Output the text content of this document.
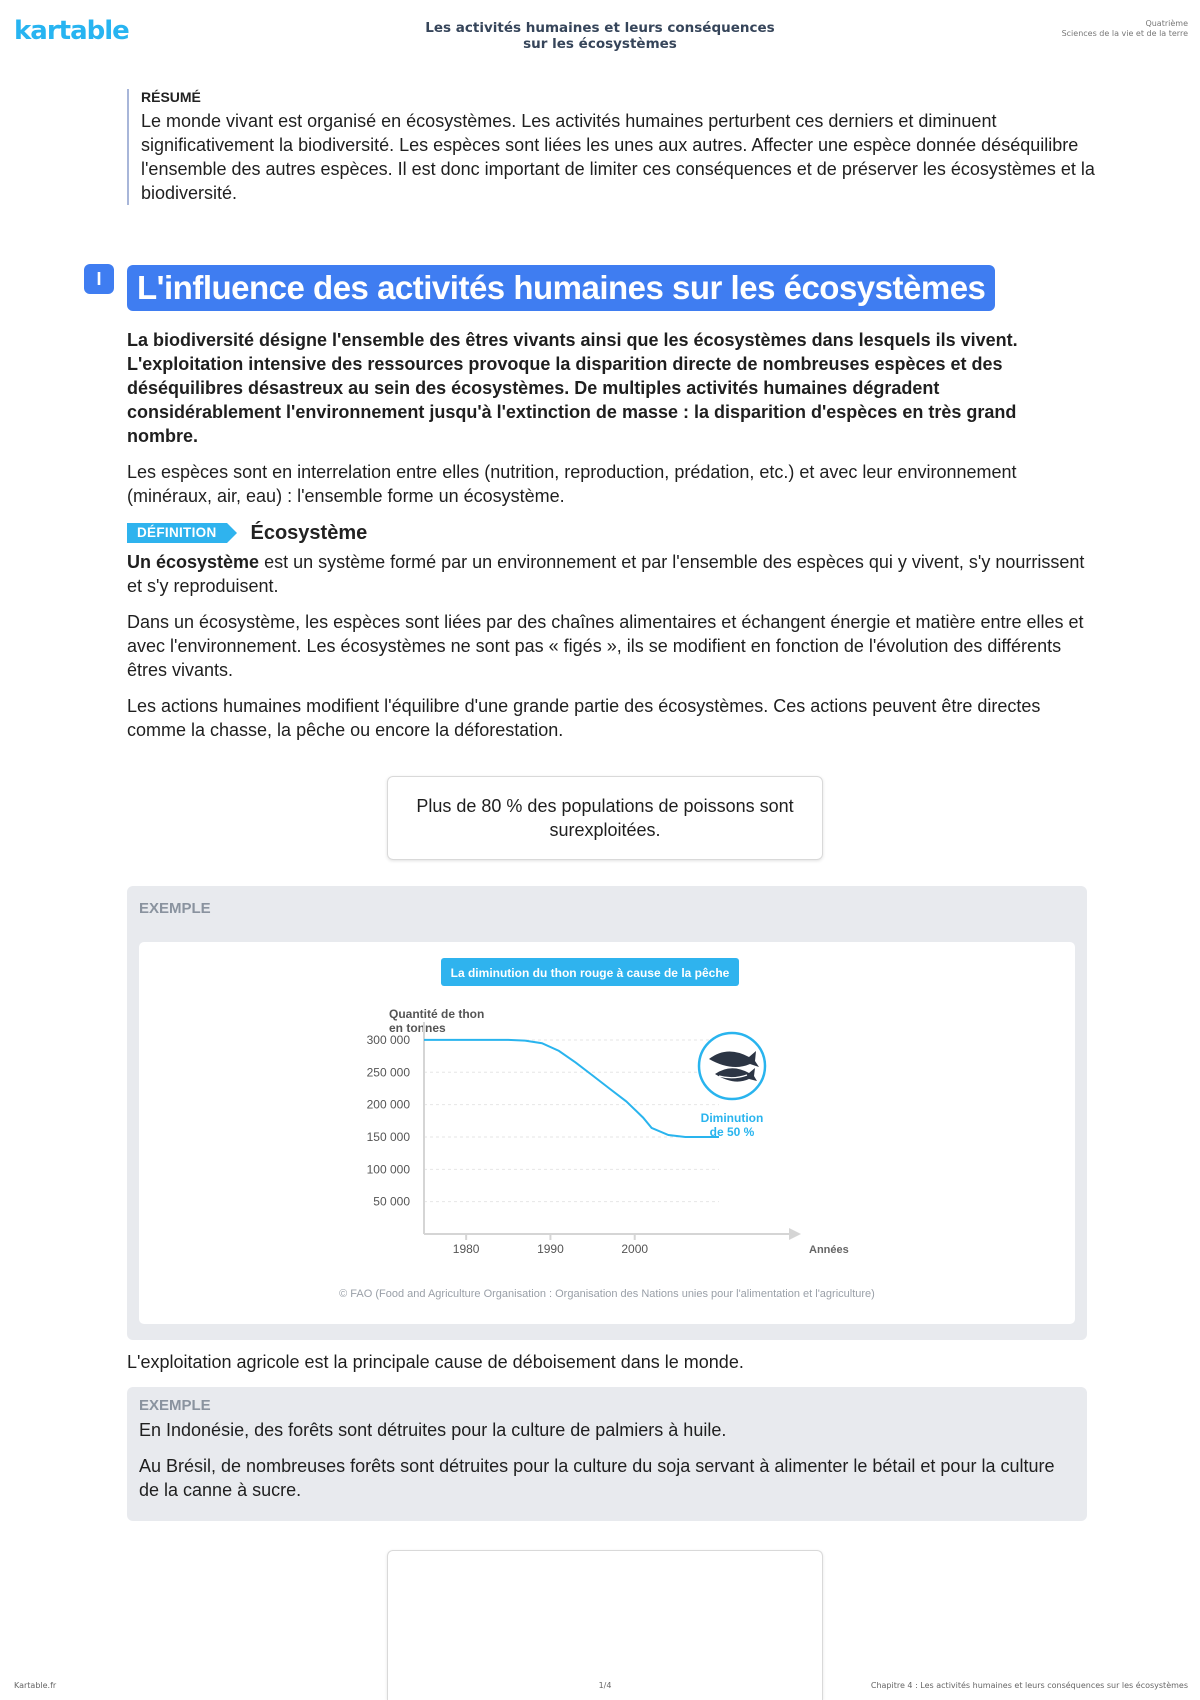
kartable	Les activités humaines et leurs conséquences
sur les écosystèmes
Quatrième
Sciences de la vie et de la terre
RÉSUMÉ
Le monde vivant est organisé en écosystèmes. Les activités humaines perturbent ces derniers et diminuent significativement la biodiversité. Les espèces sont liées les unes aux autres. Affecter une espèce donnée déséquilibre l'ensemble des autres espèces. Il est donc important de limiter ces conséquences et de préserver les écosystèmes et la biodiversité.
I	L'influence des activités humaines sur les écosystèmes

La biodiversité désigne l'ensemble des êtres vivants ainsi que les écosystèmes dans lesquels ils vivent. L'exploitation intensive des ressources provoque la disparition directe de nombreuses espèces et des déséquilibres désastreux au sein des écosystèmes. De multiples activités humaines dégradent considérablement l'environnement jusqu'à l'extinction de masse : la disparition d'espèces en très grand nombre.

Les espèces sont en interrelation entre elles (nutrition, reproduction, prédation, etc.) et avec leur environnement (minéraux, air, eau) : l'ensemble forme un écosystème.

DÉFINITION	Écosystème

Un écosystème est un système formé par un environnement et par l'ensemble des espèces qui y vivent, s'y nourrissent et s'y reproduisent.

Dans un écosystème, les espèces sont liées par des chaînes alimentaires et échangent énergie et matière entre elles et avec l'environnement. Les écosystèmes ne sont pas « figés », ils se modifient en fonction de l'évolution des différents êtres vivants.

Les actions humaines modifient l'équilibre d'une grande partie des écosystèmes. Ces actions peuvent être directes comme la chasse, la pêche ou encore la déforestation.

Plus de 80 % des populations de poissons sont surexploitées.
EXEMPLE
La diminution du thon rouge à cause de la pêche
Quantité de thon
en tonnes
50 000
100 000
150 000
200 000
250 000
300 000
1980	1990	2000
Diminution
de 50 %
Années
© FAO (Food and Agriculture Organisation : Organisation des Nations unies pour l'alimentation et l'agriculture)

L'exploitation agricole est la principale cause de déboisement dans le monde.

EXEMPLE

En Indonésie, des forêts sont détruites pour la culture de palmiers à huile.

Au Brésil, de nombreuses forêts sont détruites pour la culture du soja servant à alimenter le bétail et pour la culture de la canne à sucre.

Kartable.fr	1/4	Chapitre 4 : Les activités humaines et leurs conséquences sur les écosystèmes
